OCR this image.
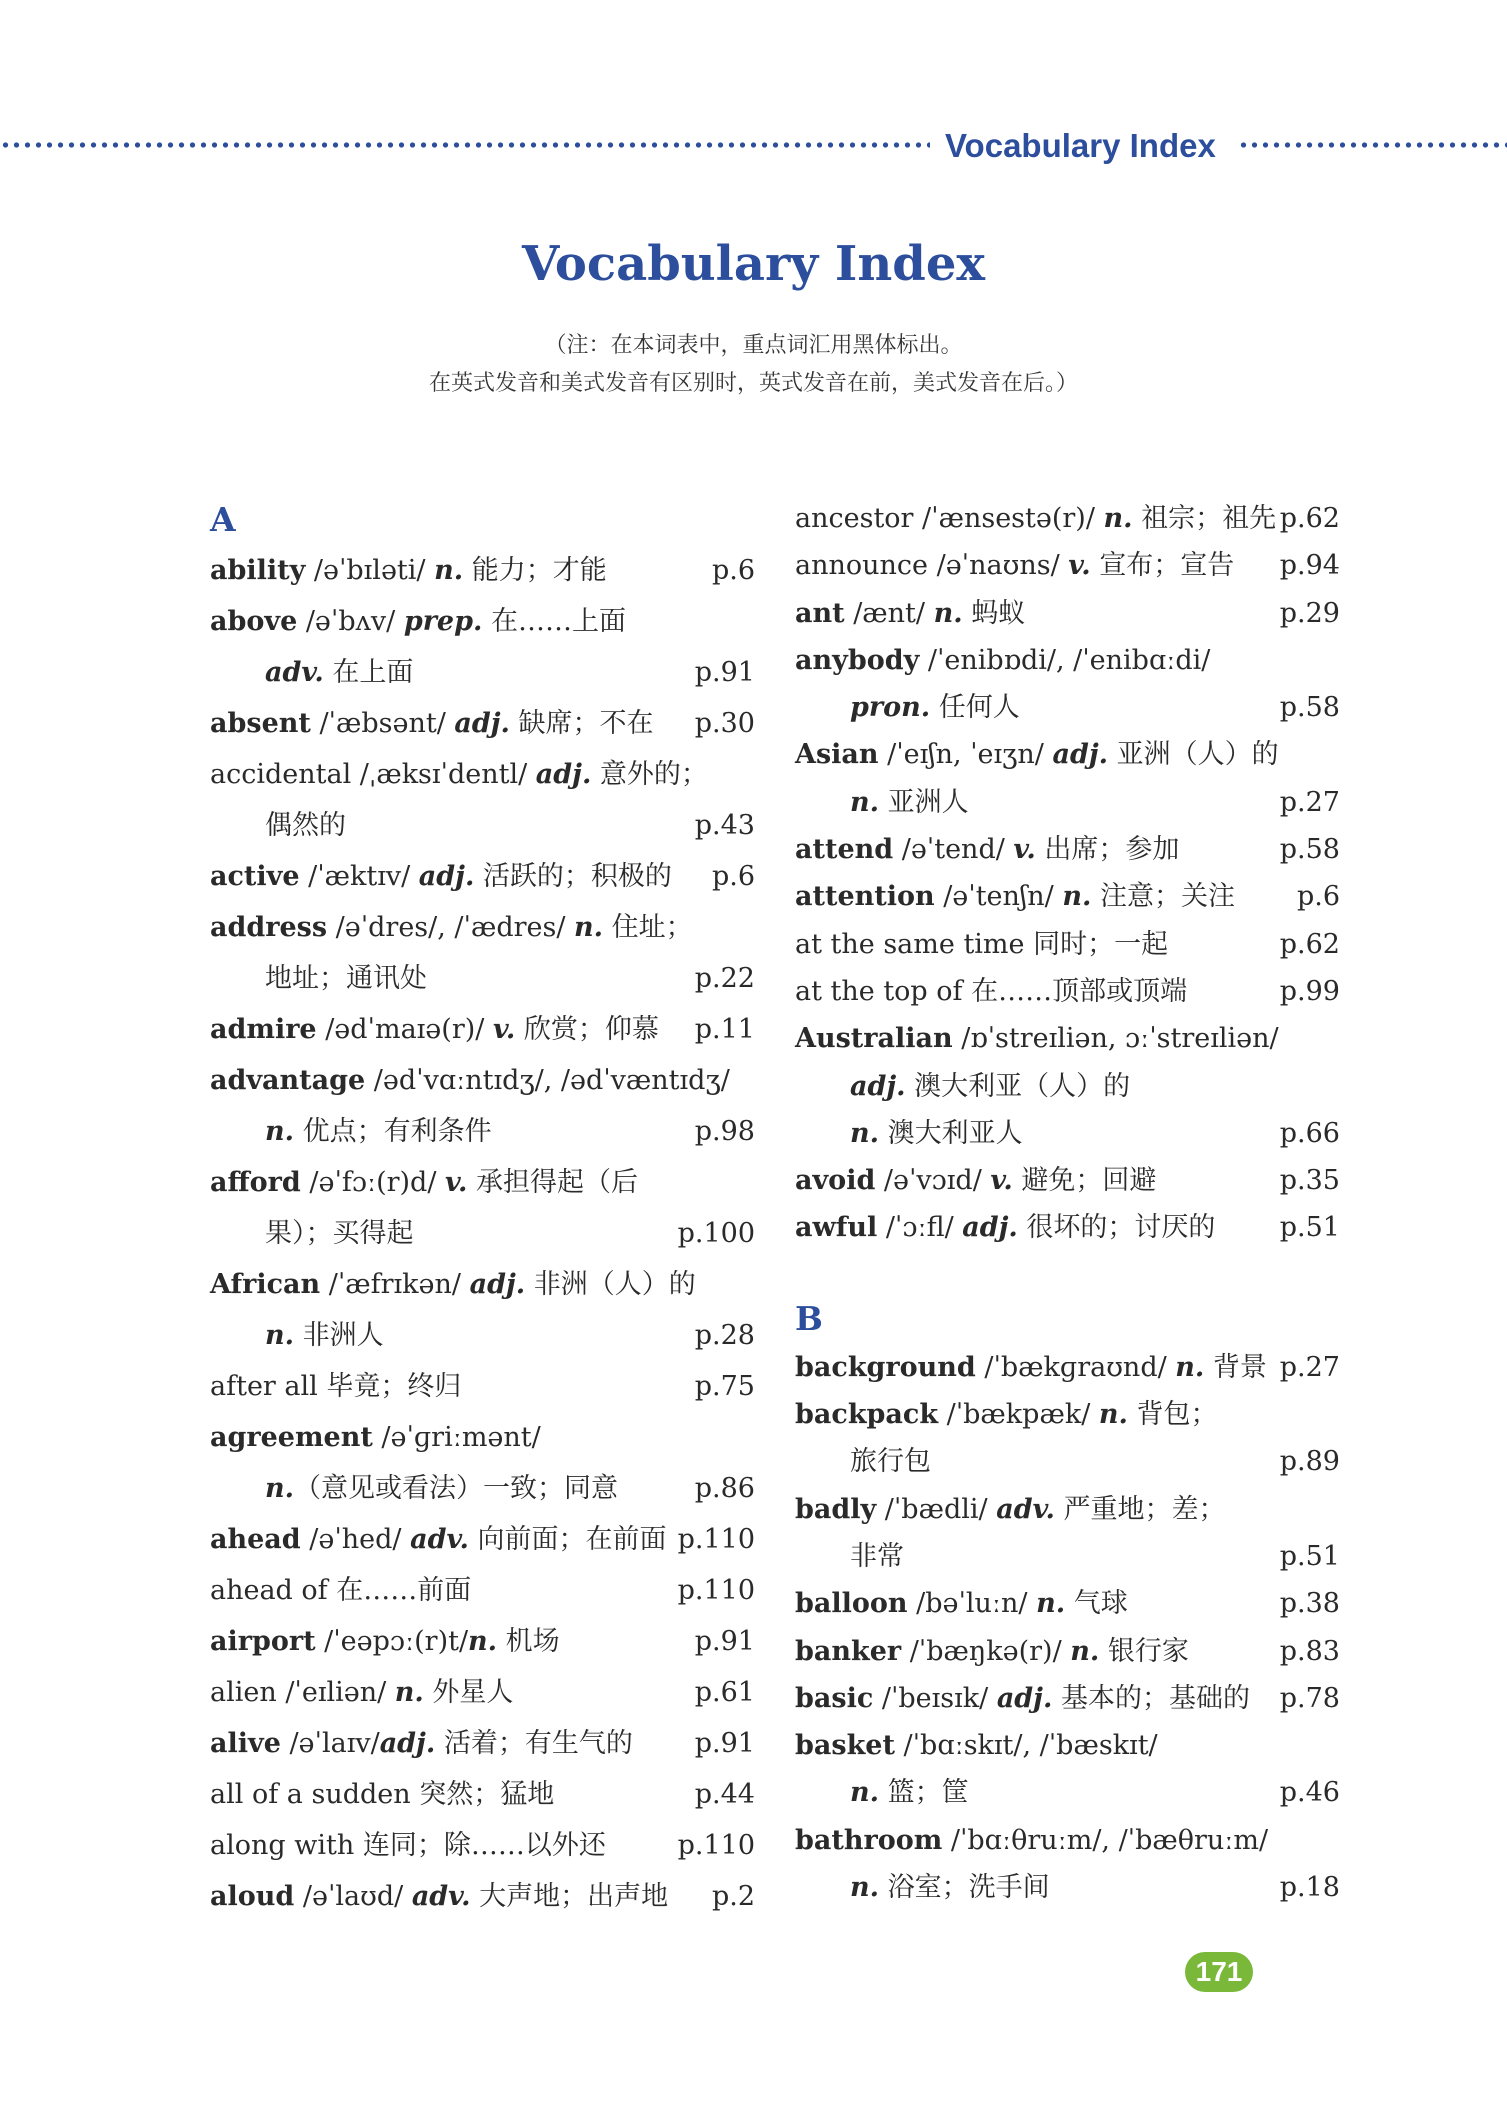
Vocabulary Index
Vocabulary Index
（注：在本词表中，重点词汇用黑体标出。
在英式发音和美式发音有区别时，英式发音在前，美式发音在后。）
A
ability /əˈbɪləti/ n. 能力；才能	p.6
above /əˈbʌv/ prep. 在……上面
adv. 在上面	p.91
absent /ˈæbsənt/ adj. 缺席；不在 p.30
accidental /ˌæksɪˈdentl/ adj. 意外的；
偶然的	p.43
active /ˈæktɪv/ adj. 活跃的；积极的 p.6
address /əˈdres/, /ˈædres/ n. 住址；
地址；通讯处	p.22
admire /ədˈmaɪə(r)/ v. 欣赏；仰慕 p.11
advantage /ədˈvɑːntɪdʒ/, /ədˈvæntɪdʒ/
n. 优点；有利条件	p.98
afford /əˈfɔː(r)d/ v. 承担得起（后
果）；买得起	p.100
African /ˈæfrɪkən/ adj. 非洲（人）的
n. 非洲人	p.28
after all 毕竟；终归	p.75
agreement /əˈɡriːmənt/
n.（意见或看法）一致；同意	p.86
ahead /əˈhed/ adv. 向前面；在前面 p.110
ahead of 在……前面	p.110
airport /ˈeəpɔː(r)t/n. 机场	p.91
alien /ˈeɪliən/ n. 外星人	p.61
alive /əˈlaɪv/adj. 活着；有生气的 p.91
all of a sudden 突然；猛地	p.44
along with 连同；除……以外还	p.110
aloud /əˈlaʊd/ adv. 大声地；出声地 p.2
ancestor /ˈænsestə(r)/ n. 祖宗；祖先 p.62
announce /əˈnaʊns/ v. 宣布；宣告 p.94
ant /ænt/ n. 蚂蚁	p.29
anybody /ˈenibɒdi/, /ˈenibɑːdi/
pron. 任何人	p.58
Asian /ˈeɪʃn, ˈeɪʒn/ adj. 亚洲（人）的
n. 亚洲人	p.27
attend /əˈtend/ v. 出席；参加	p.58
attention /əˈtenʃn/ n. 注意；关注 p.6
at the same time 同时；一起	p.62
at the top of 在……顶部或顶端	p.99
Australian /ɒˈstreɪliən, ɔːˈstreɪliən/
adj. 澳大利亚（人）的
n. 澳大利亚人	p.66
avoid /əˈvɔɪd/ v. 避免；回避	p.35
awful /ˈɔːfl/ adj. 很坏的；讨厌的 p.51
B
background /ˈbækɡraʊnd/ n. 背景 p.27
backpack /ˈbækpæk/ n. 背包；
旅行包	p.89
badly /ˈbædli/ adv. 严重地；差；
非常	p.51
balloon /bəˈluːn/ n. 气球	p.38
banker /ˈbæŋkə(r)/ n. 银行家	p.83
basic /ˈbeɪsɪk/ adj. 基本的；基础的 p.78
basket /ˈbɑːskɪt/, /ˈbæskɪt/
n. 篮；筐	p.46
bathroom /ˈbɑːθruːm/, /ˈbæθruːm/
n. 浴室；洗手间	p.18
171
